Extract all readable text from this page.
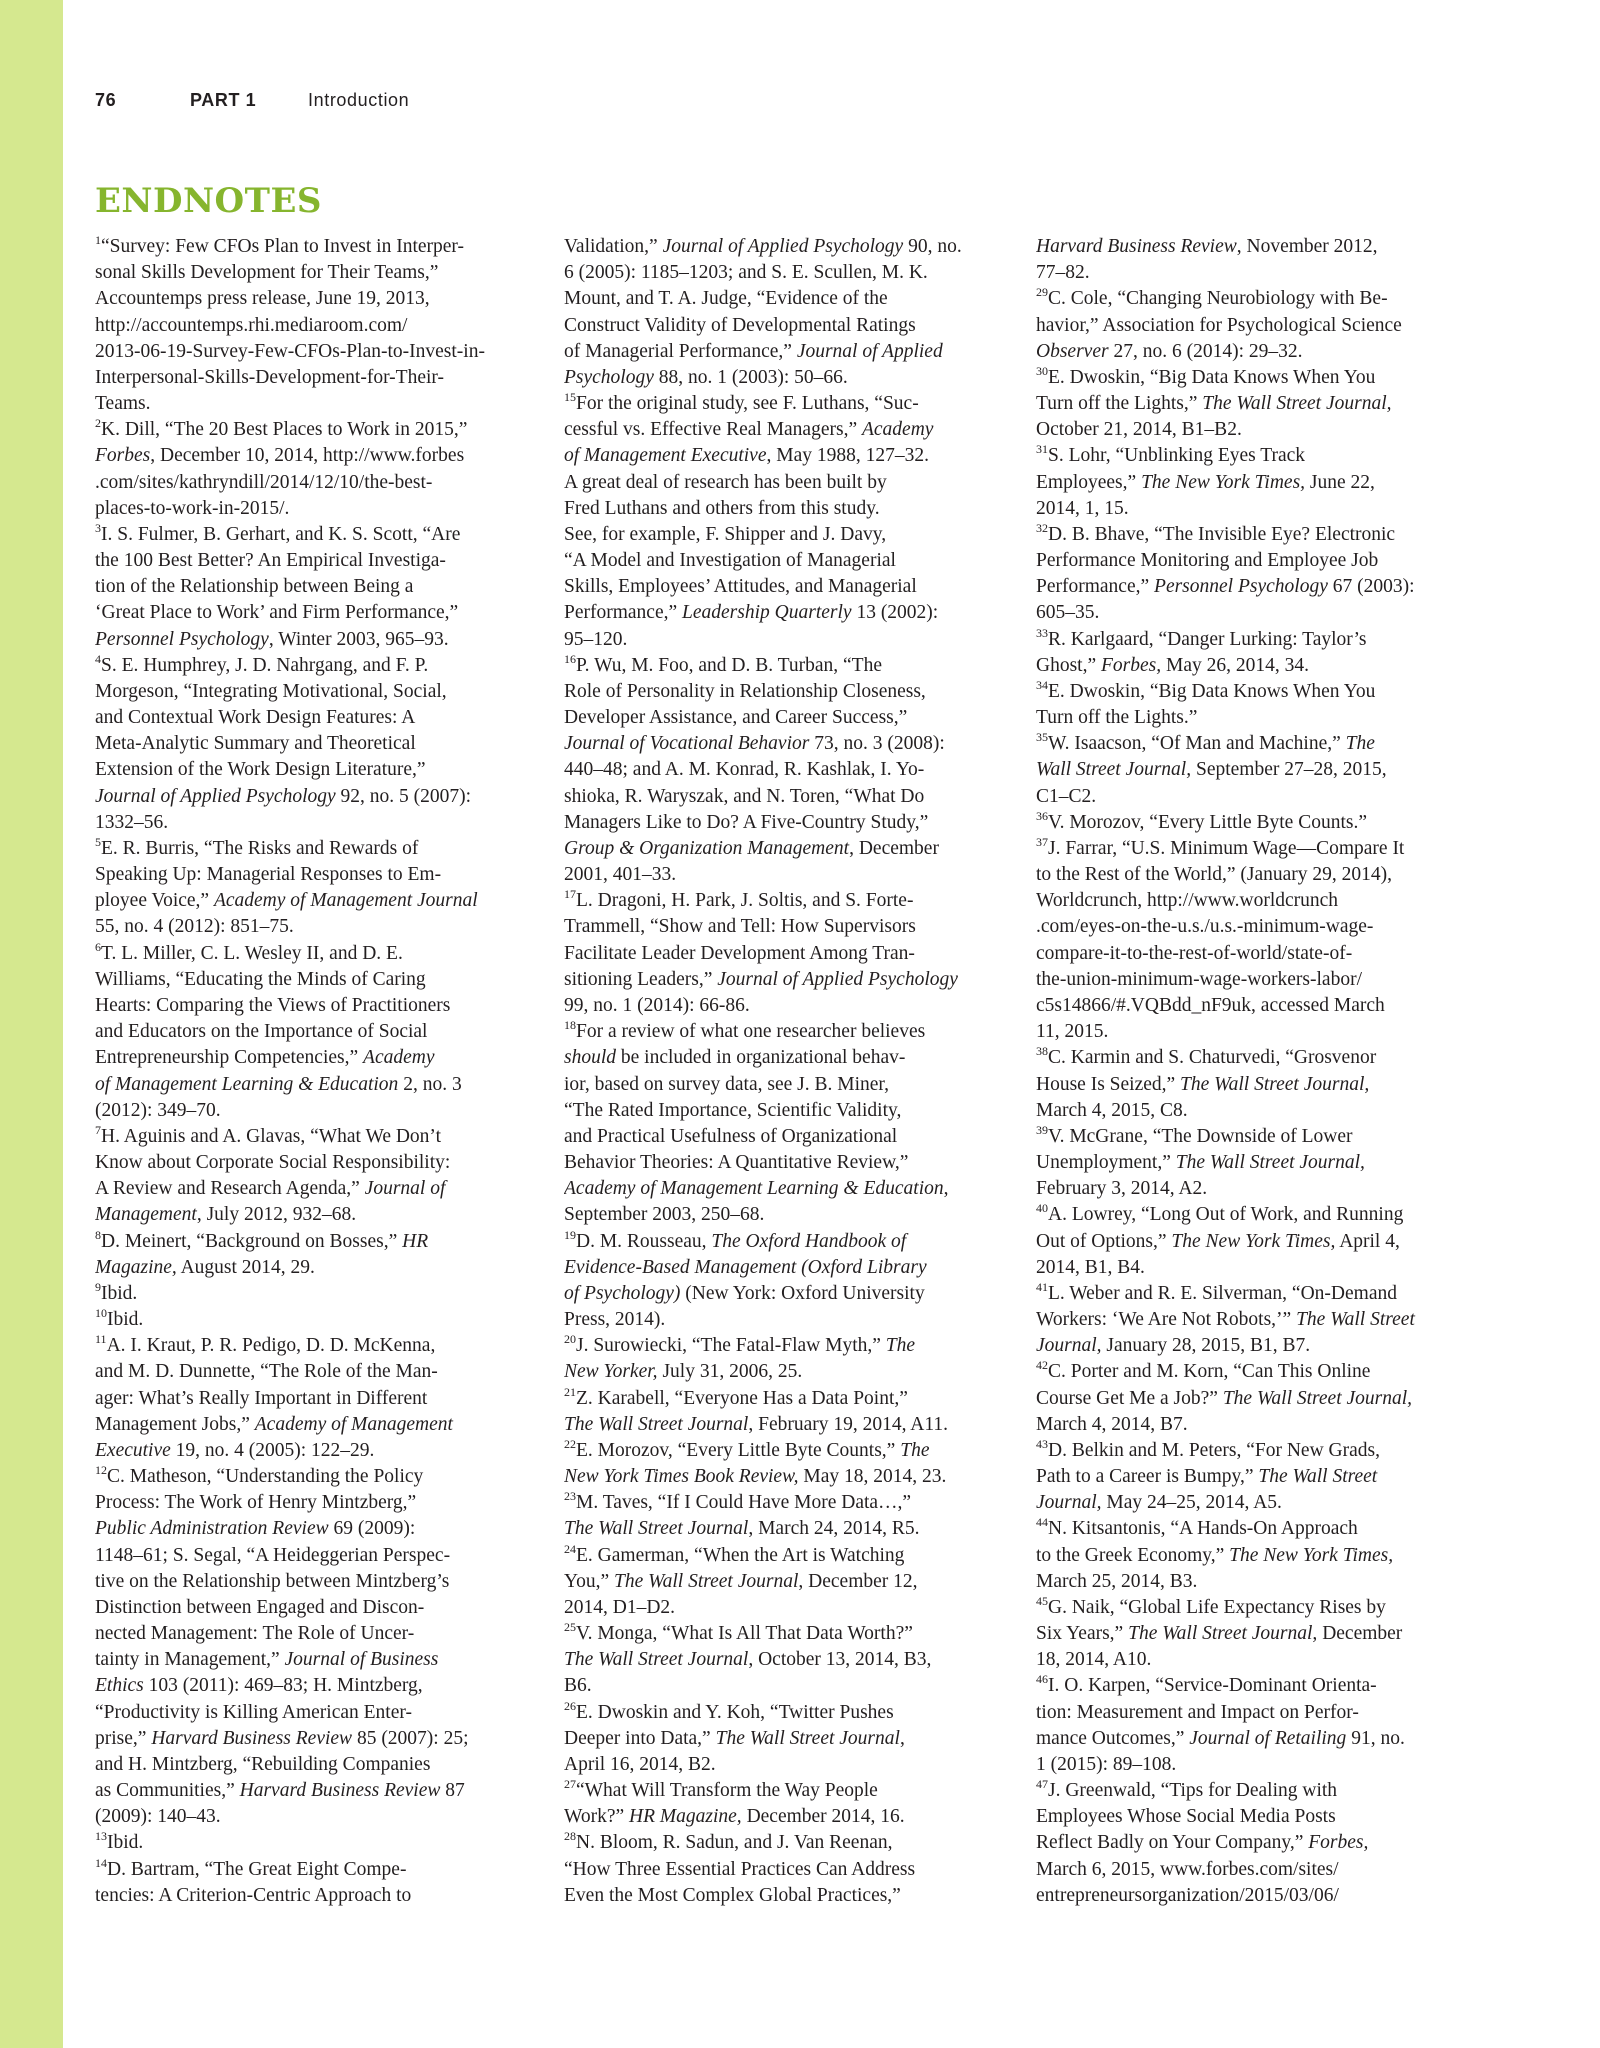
76	PART 1	Introduction
ENDNOTES
$^1$“Survey: Few CFOs Plan to Invest in Interper-
sonal Skills Development for Their Teams,”
Accountemps press release, June 19, 2013,
http://accountemps.rhi.mediaroom.com/
2013-06-19-Survey-Few-CFOs-Plan-to-Invest-in-
Interpersonal-Skills-Development-for-Their-
Teams.
$^2$K. Dill, “The 20 Best Places to Work in 2015,”
Forbes, December 10, 2014, http://www.forbes
.com/sites/kathryndill/2014/12/10/the-best-
places-to-work-in-2015/.
$^3$I. S. Fulmer, B. Gerhart, and K. S. Scott, “Are
the 100 Best Better? An Empirical Investiga-
tion of the Relationship between Being a
‘Great Place to Work’ and Firm Performance,”
Personnel Psychology, Winter 2003, 965–93.
$^4$S. E. Humphrey, J. D. Nahrgang, and F. P.
Morgeson, “Integrating Motivational, Social,
and Contextual Work Design Features: A
Meta-Analytic Summary and Theoretical
Extension of the Work Design Literature,”
Journal of Applied Psychology 92, no. 5 (2007):
1332–56.
$^5$E. R. Burris, “The Risks and Rewards of
Speaking Up: Managerial Responses to Em-
ployee Voice,” Academy of Management Journal
55, no. 4 (2012): 851–75.
$^6$T. L. Miller, C. L. Wesley II, and D. E.
Williams, “Educating the Minds of Caring
Hearts: Comparing the Views of Practitioners
and Educators on the Importance of Social
Entrepreneurship Competencies,” Academy
of Management Learning & Education 2, no. 3
(2012): 349–70.
$^7$H. Aguinis and A. Glavas, “What We Don’t
Know about Corporate Social Responsibility:
A Review and Research Agenda,” Journal of
Management, July 2012, 932–68.
$^8$D. Meinert, “Background on Bosses,” HR
Magazine, August 2014, 29.
$^9$Ibid.
$^{10}$Ibid.
$^{11}$A. I. Kraut, P. R. Pedigo, D. D. McKenna,
and M. D. Dunnette, “The Role of the Man-
ager: What’s Really Important in Different
Management Jobs,” Academy of Management
Executive 19, no. 4 (2005): 122–29.
$^{12}$C. Matheson, “Understanding the Policy
Process: The Work of Henry Mintzberg,”
Public Administration Review 69 (2009):
1148–61; S. Segal, “A Heideggerian Perspec-
tive on the Relationship between Mintzberg’s
Distinction between Engaged and Discon-
nected Management: The Role of Uncer-
tainty in Management,” Journal of Business
Ethics 103 (2011): 469–83; H. Mintzberg,
“Productivity is Killing American Enter-
prise,” Harvard Business Review 85 (2007): 25;
and H. Mintzberg, “Rebuilding Companies
as Communities,” Harvard Business Review 87
(2009): 140–43.
$^{13}$Ibid.
$^{14}$D. Bartram, “The Great Eight Compe-
tencies: A Criterion-Centric Approach to
Validation,” Journal of Applied Psychology 90, no.
6 (2005): 1185–1203; and S. E. Scullen, M. K.
Mount, and T. A. Judge, “Evidence of the
Construct Validity of Developmental Ratings
of Managerial Performance,” Journal of Applied
Psychology 88, no. 1 (2003): 50–66.
$^{15}$For the original study, see F. Luthans, “Suc-
cessful vs. Effective Real Managers,” Academy
of Management Executive, May 1988, 127–32.
A great deal of research has been built by
Fred Luthans and others from this study.
See, for example, F. Shipper and J. Davy,
“A Model and Investigation of Managerial
Skills, Employees’ Attitudes, and Managerial
Performance,” Leadership Quarterly 13 (2002):
95–120.
$^{16}$P. Wu, M. Foo, and D. B. Turban, “The
Role of Personality in Relationship Closeness,
Developer Assistance, and Career Success,”
Journal of Vocational Behavior 73, no. 3 (2008):
440–48; and A. M. Konrad, R. Kashlak, I. Yo-
shioka, R. Waryszak, and N. Toren, “What Do
Managers Like to Do? A Five-Country Study,”
Group & Organization Management, December
2001, 401–33.
$^{17}$L. Dragoni, H. Park, J. Soltis, and S. Forte-
Trammell, “Show and Tell: How Supervisors
Facilitate Leader Development Among Tran-
sitioning Leaders,” Journal of Applied Psychology
99, no. 1 (2014): 66-86.
$^{18}$For a review of what one researcher believes
should be included in organizational behav-
ior, based on survey data, see J. B. Miner,
“The Rated Importance, Scientific Validity,
and Practical Usefulness of Organizational
Behavior Theories: A Quantitative Review,”
Academy of Management Learning & Education,
September 2003, 250–68.
$^{19}$D. M. Rousseau, The Oxford Handbook of
Evidence-Based Management (Oxford Library
of Psychology) (New York: Oxford University
Press, 2014).
$^{20}$J. Surowiecki, “The Fatal-Flaw Myth,” The
New Yorker, July 31, 2006, 25.
$^{21}$Z. Karabell, “Everyone Has a Data Point,”
The Wall Street Journal, February 19, 2014, A11.
$^{22}$E. Morozov, “Every Little Byte Counts,” The
New York Times Book Review, May 18, 2014, 23.
$^{23}$M. Taves, “If I Could Have More Data…,”
The Wall Street Journal, March 24, 2014, R5.
$^{24}$E. Gamerman, “When the Art is Watching
You,” The Wall Street Journal, December 12,
2014, D1–D2.
$^{25}$V. Monga, “What Is All That Data Worth?”
The Wall Street Journal, October 13, 2014, B3,
B6.
$^{26}$E. Dwoskin and Y. Koh, “Twitter Pushes
Deeper into Data,” The Wall Street Journal,
April 16, 2014, B2.
$^{27}$“What Will Transform the Way People
Work?” HR Magazine, December 2014, 16.
$^{28}$N. Bloom, R. Sadun, and J. Van Reenan,
“How Three Essential Practices Can Address
Even the Most Complex Global Practices,”
Harvard Business Review, November 2012,
77–82.
$^{29}$C. Cole, “Changing Neurobiology with Be-
havior,” Association for Psychological Science
Observer 27, no. 6 (2014): 29–32.
$^{30}$E. Dwoskin, “Big Data Knows When You
Turn off the Lights,” The Wall Street Journal,
October 21, 2014, B1–B2.
$^{31}$S. Lohr, “Unblinking Eyes Track
Employees,” The New York Times, June 22,
2014, 1, 15.
$^{32}$D. B. Bhave, “The Invisible Eye? Electronic
Performance Monitoring and Employee Job
Performance,” Personnel Psychology 67 (2003):
605–35.
$^{33}$R. Karlgaard, “Danger Lurking: Taylor’s
Ghost,” Forbes, May 26, 2014, 34.
$^{34}$E. Dwoskin, “Big Data Knows When You
Turn off the Lights.”
$^{35}$W. Isaacson, “Of Man and Machine,” The
Wall Street Journal, September 27–28, 2015,
C1–C2.
$^{36}$V. Morozov, “Every Little Byte Counts.”
$^{37}$J. Farrar, “U.S. Minimum Wage—Compare It
to the Rest of the World,” (January 29, 2014),
Worldcrunch, http://www.worldcrunch
.com/eyes-on-the-u.s./u.s.-minimum-wage-
compare-it-to-the-rest-of-world/state-of-
the-union-minimum-wage-workers-labor/
c5s14866/#.VQBdd_nF9uk, accessed March
11, 2015.
$^{38}$C. Karmin and S. Chaturvedi, “Grosvenor
House Is Seized,” The Wall Street Journal,
March 4, 2015, C8.
$^{39}$V. McGrane, “The Downside of Lower
Unemployment,” The Wall Street Journal,
February 3, 2014, A2.
$^{40}$A. Lowrey, “Long Out of Work, and Running
Out of Options,” The New York Times, April 4,
2014, B1, B4.
$^{41}$L. Weber and R. E. Silverman, “On-Demand
Workers: ‘We Are Not Robots,’” The Wall Street
Journal, January 28, 2015, B1, B7.
$^{42}$C. Porter and M. Korn, “Can This Online
Course Get Me a Job?” The Wall Street Journal,
March 4, 2014, B7.
$^{43}$D. Belkin and M. Peters, “For New Grads,
Path to a Career is Bumpy,” The Wall Street
Journal, May 24–25, 2014, A5.
$^{44}$N. Kitsantonis, “A Hands-On Approach
to the Greek Economy,” The New York Times,
March 25, 2014, B3.
$^{45}$G. Naik, “Global Life Expectancy Rises by
Six Years,” The Wall Street Journal, December
18, 2014, A10.
$^{46}$I. O. Karpen, “Service-Dominant Orienta-
tion: Measurement and Impact on Perfor-
mance Outcomes,” Journal of Retailing 91, no.
1 (2015): 89–108.
$^{47}$J. Greenwald, “Tips for Dealing with
Employees Whose Social Media Posts
Reflect Badly on Your Company,” Forbes,
March 6, 2015, www.forbes.com/sites/
entrepreneursorganization/2015/03/06/
